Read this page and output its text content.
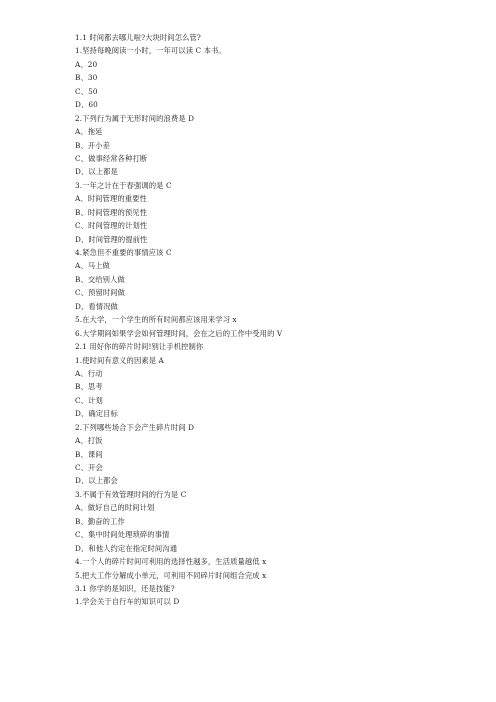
1.1 时间都去哪儿啦?大块时间怎么管?
1.坚持每晚阅读一小时，一年可以读 C 本书。
A、20
B、30
C、50
D、60
2.下列行为属于无形时间的浪费是 D
A、拖延
B、开小差
C、做事经常各种打断
D、以上都是
3.一年之计在于春强调的是 C
A、时间管理的重要性
B、时间管理的预见性
C、时间管理的计划性
D、时间管理的提前性
4.紧急但不重要的事情应该 C
A、马上做
B、交给别人做
C、预留时间做
D、看情况做
5.在大学，一个学生的所有时间都应该用来学习 x
6.大学期间如果学会如何管理时间，会在之后的工作中受用的 V
2.1 用好你的碎片时间!别让手机控制你
1.使时间有意义的因素是 A
A、行动
B、思考
C、计划
D、确定目标
2.下列哪些场合下会产生碎片时间 D
A、打饭
B、课间
C、开会
D、以上都会
3.不属于有效管理时间的行为是 C
A、做好自己的时间计划
B、勤奋的工作
C、集中时间处理琐碎的事情
D、和他人约定在指定时间沟通
4.一个人的碎片时间可利用的选择性越多，生活质量越低 x
5.把大工作分解成小单元，可利用不同碎片时间组合完成 x
3.1 你学的是知识，还是技能?
1.学会关于自行车的知识可以 D
